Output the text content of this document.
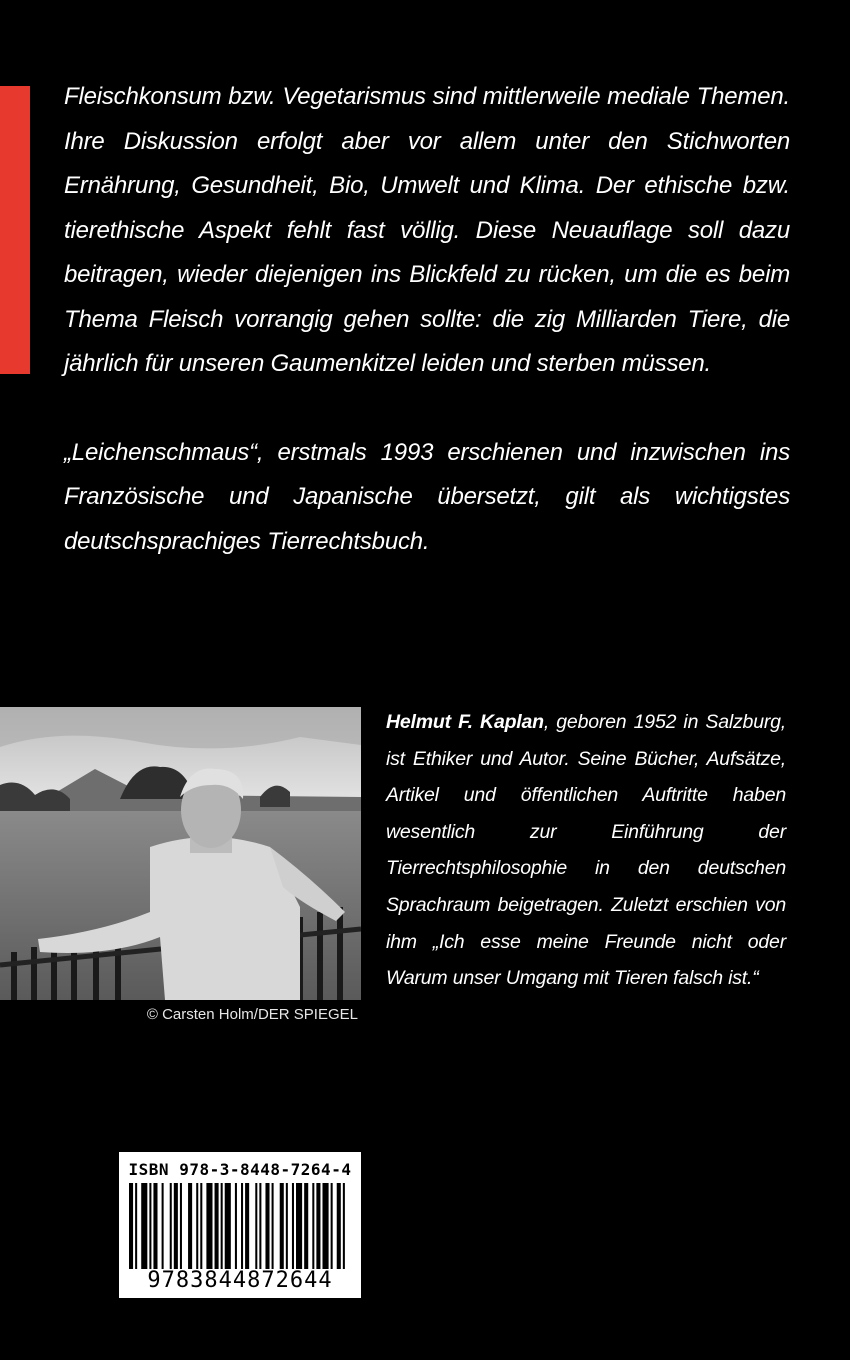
Fleischkonsum bzw. Vegetarismus sind mittlerweile mediale Themen. Ihre Diskussion erfolgt aber vor allem unter den Stichworten Ernährung, Gesundheit, Bio, Umwelt und Klima. Der ethische bzw. tierethische Aspekt fehlt fast völlig. Diese Neuauflage soll dazu beitragen, wieder diejenigen ins Blickfeld zu rücken, um die es beim Thema Fleisch vorrangig gehen sollte: die zig Milliarden Tiere, die jährlich für unseren Gaumenkitzel leiden und sterben müssen.

„Leichenschmaus“, erstmals 1993 erschienen und inzwischen ins Französische und Japanische übersetzt, gilt als wichtigstes deutschsprachiges Tierrechtsbuch.

© Carsten Holm/DER SPIEGEL
Helmut F. Kaplan, geboren 1952 in Salzburg, ist Ethiker und Autor. Seine Bücher, Aufsätze, Artikel und öffentlichen Auftritte haben wesentlich zur Einführung der Tierrechtsphilosophie in den deutschen Sprachraum beigetragen. Zuletzt erschien von ihm „Ich esse meine Freunde nicht oder Warum unser Umgang mit Tieren falsch ist.“
ISBN 978-3-8448-7264-4
9783844872644
